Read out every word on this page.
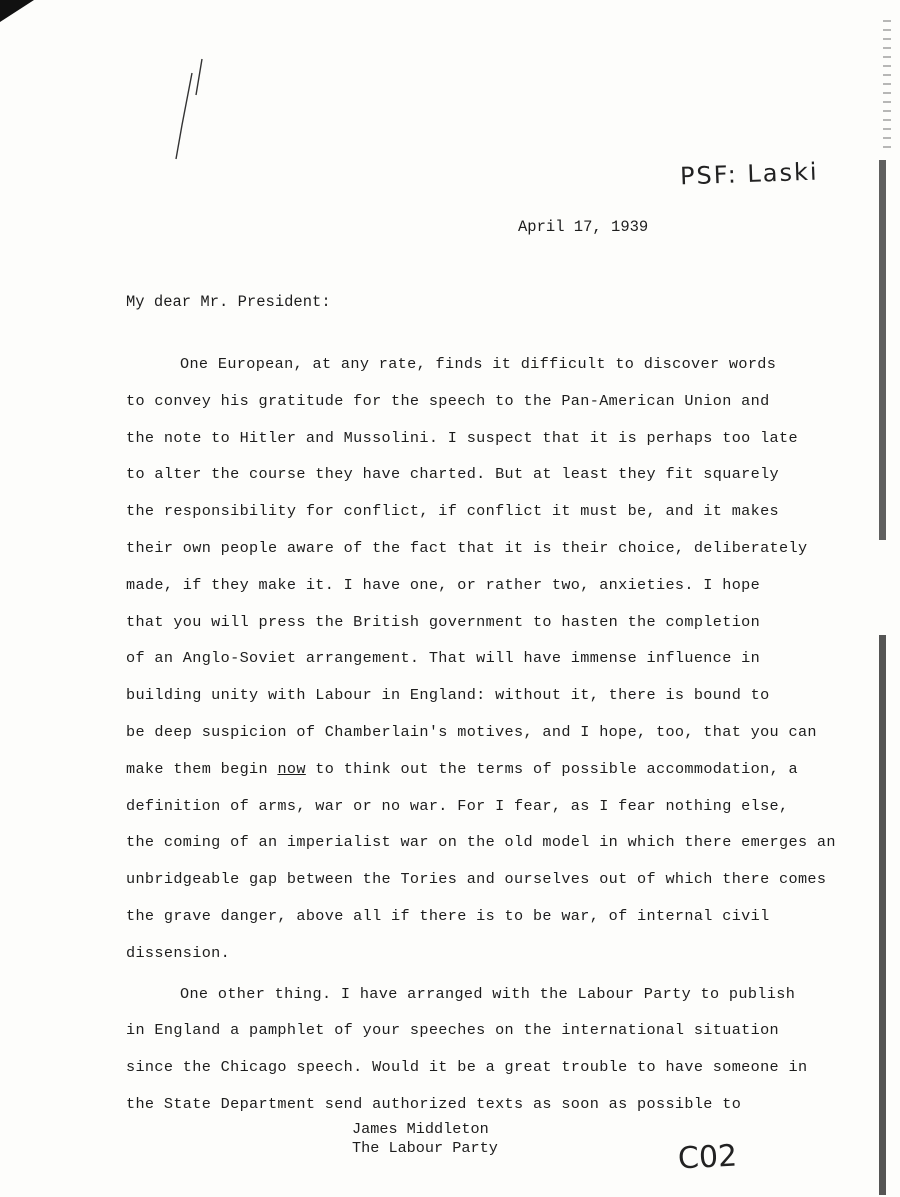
PSF: Laski
April 17, 1939
My dear Mr. President:

One European, at any rate, finds it difficult to discover words
to convey his gratitude for the speech to the Pan-American Union and
the note to Hitler and Mussolini. I suspect that it is perhaps too late
to alter the course they have charted. But at least they fit squarely
the responsibility for conflict, if conflict it must be, and it makes
their own people aware of the fact that it is their choice, deliberately
made, if they make it. I have one, or rather two, anxieties. I hope
that you will press the British government to hasten the completion
of an Anglo-Soviet arrangement. That will have immense influence in
building unity with Labour in England: without it, there is bound to
be deep suspicion of Chamberlain's motives, and I hope, too, that you can
make them begin now to think out the terms of possible accommodation, a
definition of arms, war or no war. For I fear, as I fear nothing else,
the coming of an imperialist war on the old model in which there emerges an
unbridgeable gap between the Tories and ourselves out of which there comes
the grave danger, above all if there is to be war, of internal civil
dissension.

One other thing. I have arranged with the Labour Party to publish
in England a pamphlet of your speeches on the international situation
since the Chicago speech. Would it be a great trouble to have someone in
the State Department send authorized texts as soon as possible to

James Middleton
The Labour Party	C02
